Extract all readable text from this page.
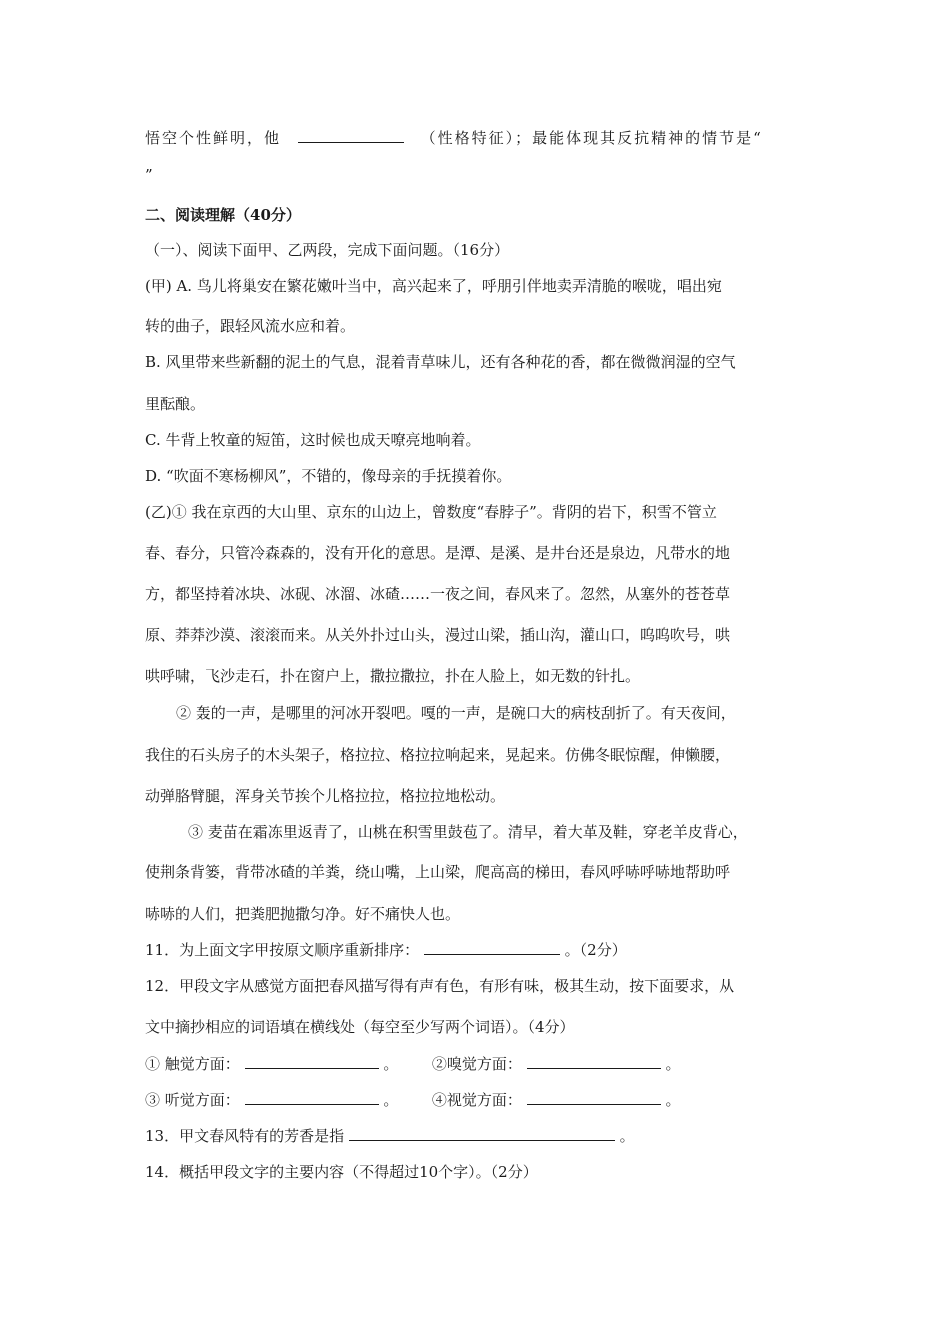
悟空个性鲜明，他	（性格特征）；最能体现其反抗精神的情节是“
”
二、阅读理解（40分）
（一）、阅读下面甲、乙两段，完成下面问题。（16分）
(甲) A. 鸟儿将巢安在繁花嫩叶当中，高兴起来了，呼朋引伴地卖弄清脆的喉咙，唱出宛
转的曲子，跟轻风流水应和着。
B. 风里带来些新翻的泥土的气息，混着青草味儿，还有各种花的香，都在微微润湿的空气
里酝酿。
C. 牛背上牧童的短笛，这时候也成天嘹亮地响着。
D. “吹面不寒杨柳风”，不错的，像母亲的手抚摸着你。
(乙)① 我在京西的大山里、京东的山边上，曾数度“春脖子”。背阴的岩下，积雪不管立
春、春分，只管冷森森的，没有开化的意思。是潭、是溪、是井台还是泉边，凡带水的地
方，都坚持着冰块、冰砚、冰溜、冰碴……一夜之间，春风来了。忽然，从塞外的苍苍草
原、莽莽沙漠、滚滚而来。从关外扑过山头，漫过山梁，插山沟，灌山口，呜呜吹号，哄
哄呼啸，飞沙走石，扑在窗户上，撒拉撒拉，扑在人脸上，如无数的针扎。
② 轰的一声，是哪里的河冰开裂吧。嘎的一声，是碗口大的病枝刮折了。有天夜间，
我住的石头房子的木头架子，格拉拉、格拉拉响起来，晃起来。仿佛冬眠惊醒，伸懒腰，
动弹胳臂腿，浑身关节挨个儿格拉拉，格拉拉地松动。
③ 麦苗在霜冻里返青了，山桃在积雪里鼓苞了。清早，着大革及鞋，穿老羊皮背心，
使荆条背篓，背带冰碴的羊粪，绕山嘴，上山梁，爬高高的梯田，春风呼哧呼哧地帮助呼
哧哧的人们，把粪肥抛撒匀净。好不痛快人也。
11．为上面文字甲按原文顺序重新排序：	。（2分）
12．甲段文字从感觉方面把春风描写得有声有色，有形有味，极其生动，按下面要求，从
文中摘抄相应的词语填在横线处（每空至少写两个词语）。（4分）
① 触觉方面：	。 ②嗅觉方面：	。
③ 听觉方面：	。 ④视觉方面：	。
13．甲文春风特有的芳香是指	。
14．概括甲段文字的主要内容（不得超过10个字）。（2分）
